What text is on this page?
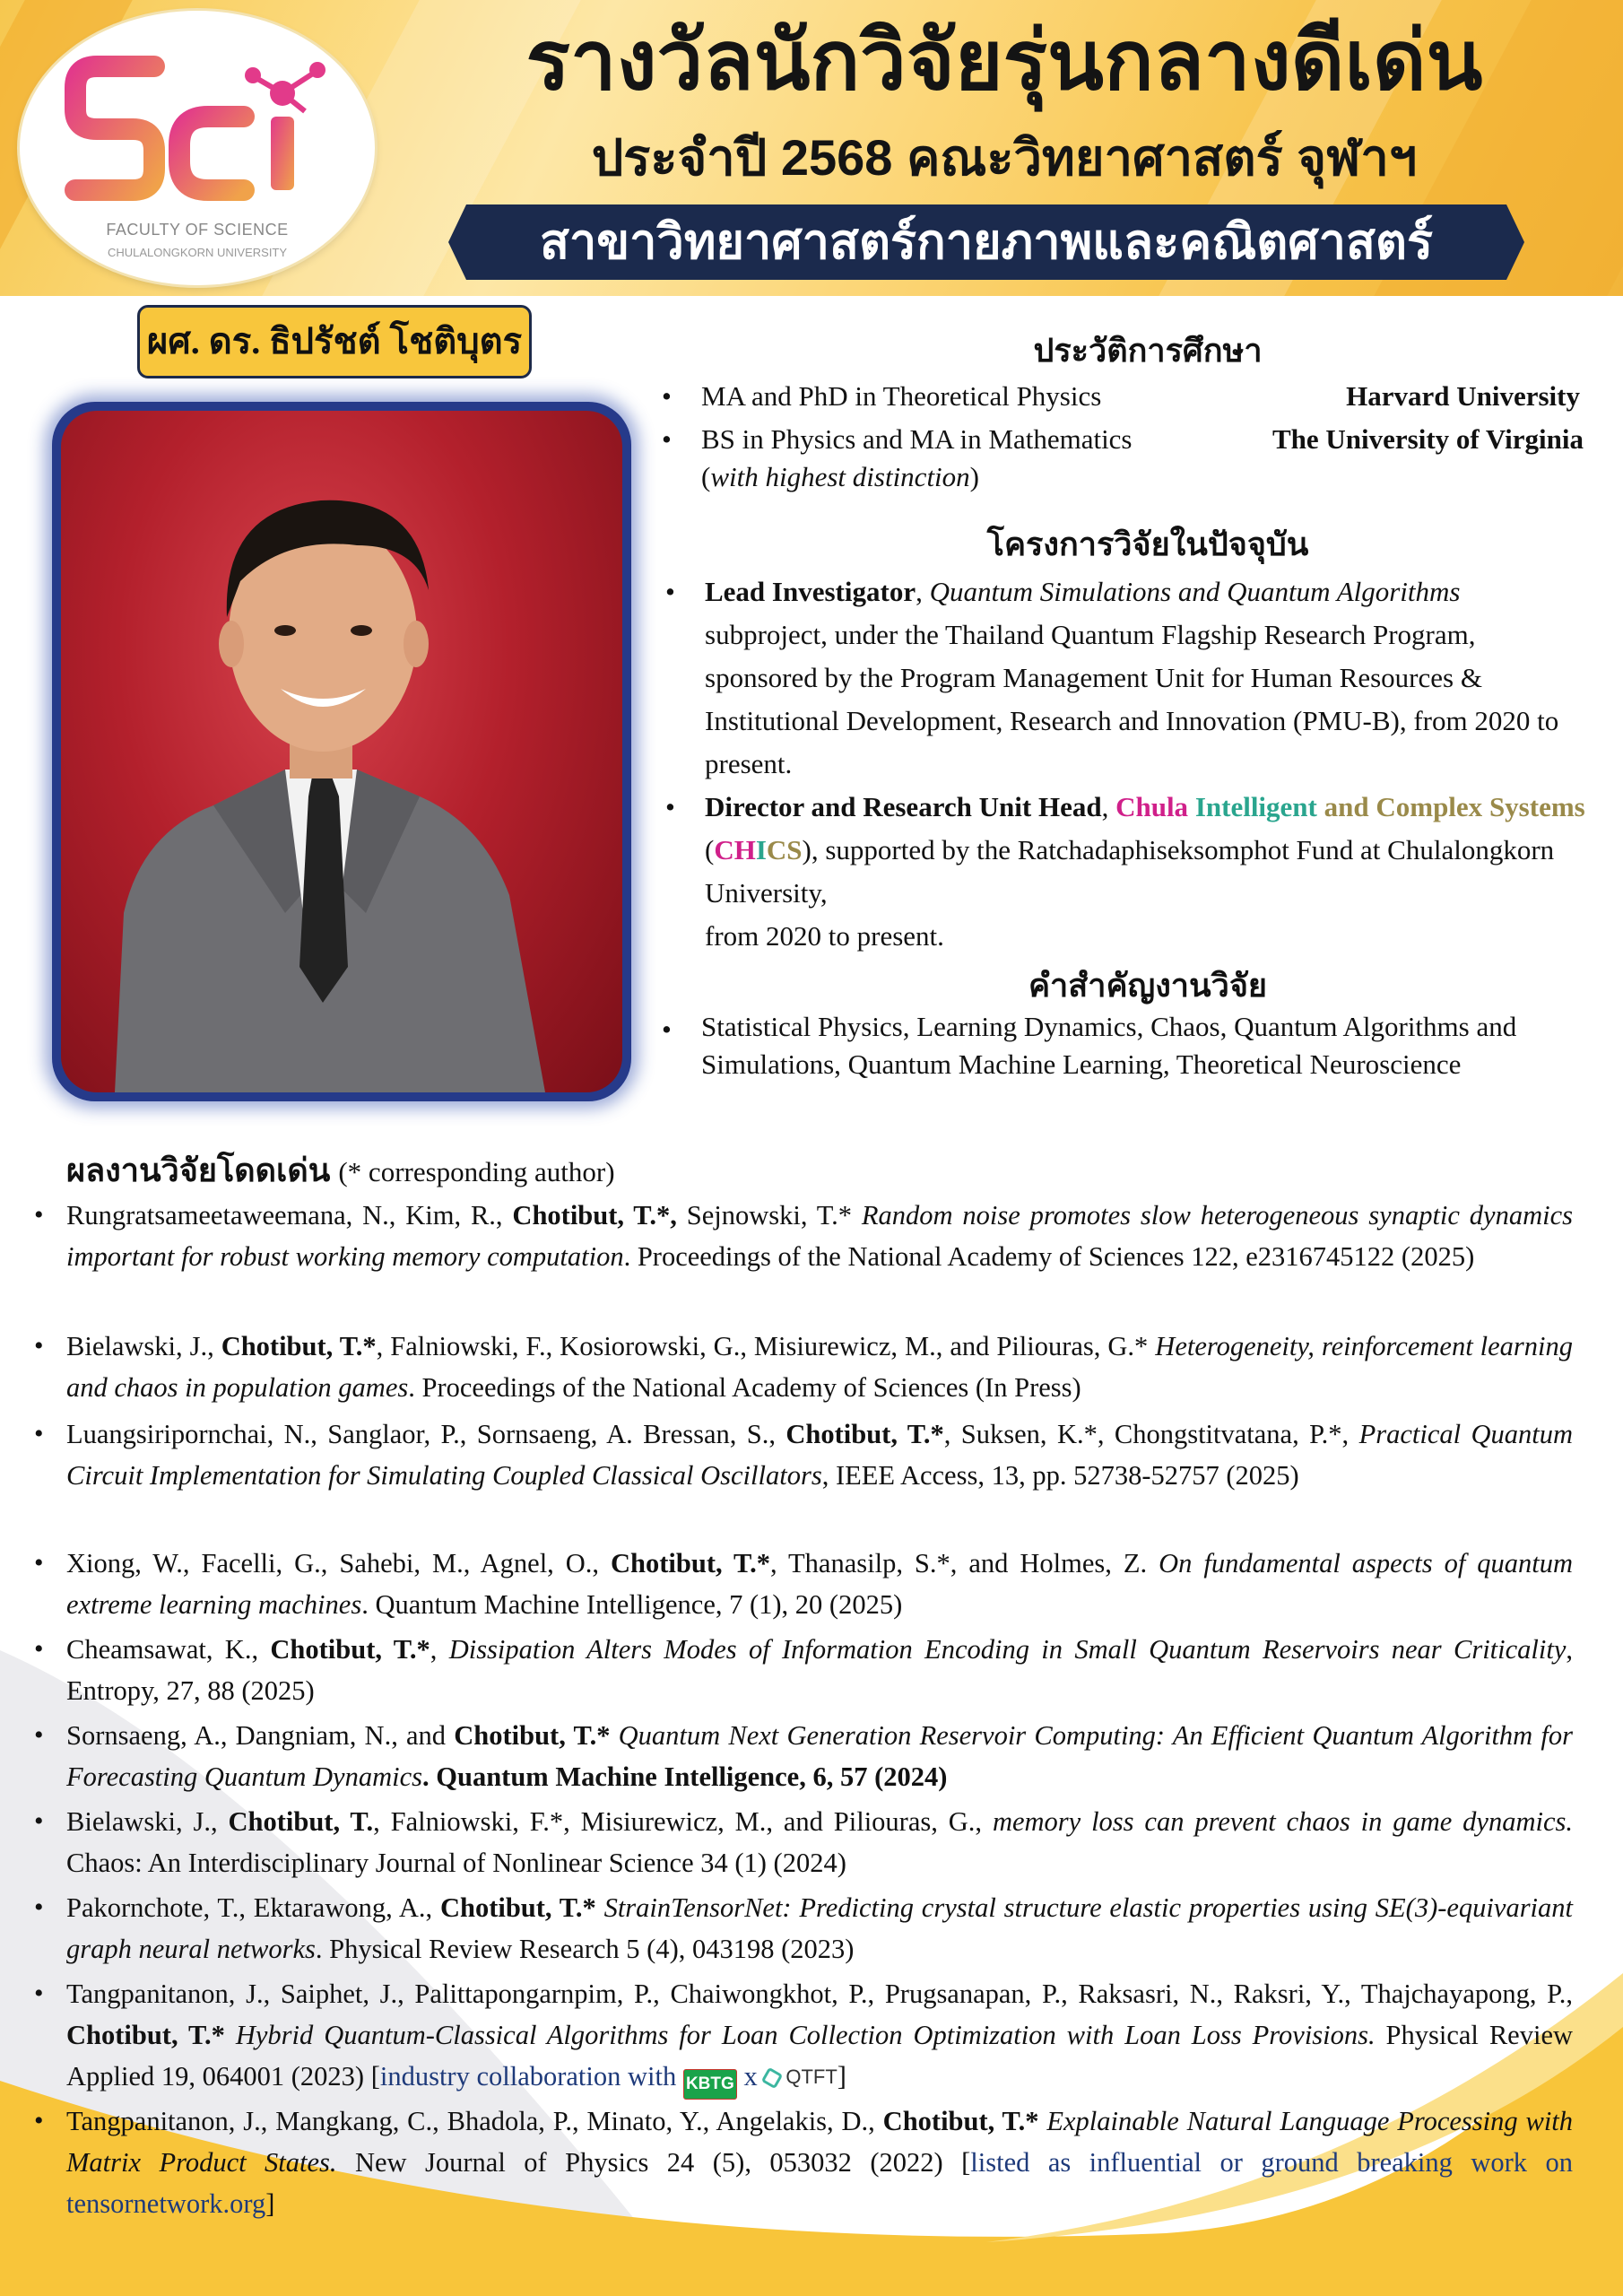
FACULTY OF SCIENCE
CHULALONGKORN UNIVERSITY
รางวัลนักวิจัยรุ่นกลางดีเด่น
ประจำปี 2568 คณะวิทยาศาสตร์ จุฬาฯ
สาขาวิทยาศาสตร์กายภาพและคณิตศาสตร์
ผศ. ดร. ธิปรัชต์ โชติบุตร	ประวัติการศึกษา
• MA and PhD in Theoretical Physics	Harvard University
• BS in Physics and MA in Mathematics	The University of Virginia
(with highest distinction)
โครงการวิจัยในปัจจุบัน
• Lead Investigator, Quantum Simulations and Quantum Algorithms subproject, under the Thailand Quantum Flagship Research Program, sponsored by the Program Management Unit for Human Resources & Institutional Development, Research and Innovation (PMU-B), from 2020 to present.
• Director and Research Unit Head, Chula Intelligent and Complex Systems (CHICS), supported by the Ratchadaphiseksomphot Fund at Chulalongkorn University,
from 2020 to present.
คำสำคัญงานวิจัย
• Statistical Physics, Learning Dynamics, Chaos, Quantum Algorithms and Simulations, Quantum Machine Learning, Theoretical Neuroscience
ผลงานวิจัยโดดเด่น (* corresponding author)
• Rungratsameetaweemana, N., Kim, R., Chotibut, T.*, Sejnowski, T.* Random noise promotes slow heterogeneous synaptic dynamics important for robust working memory computation. Proceedings of the National Academy of Sciences 122, e2316745122 (2025)
• Bielawski, J., Chotibut, T.*, Falniowski, F., Kosiorowski, G., Misiurewicz, M., and Piliouras, G.* Heterogeneity, reinforcement learning and chaos in population games. Proceedings of the National Academy of Sciences (In Press)
• Luangsiripornchai, N., Sanglaor, P., Sornsaeng, A. Bressan, S., Chotibut, T.*, Suksen, K.*, Chongstitvatana, P.*, Practical Quantum Circuit Implementation for Simulating Coupled Classical Oscillators, IEEE Access, 13, pp. 52738-52757 (2025)
• Xiong, W., Facelli, G., Sahebi, M., Agnel, O., Chotibut, T.*, Thanasilp, S.*, and Holmes, Z. On fundamental aspects of quantum extreme learning machines. Quantum Machine Intelligence, 7 (1), 20 (2025)
• Cheamsawat, K., Chotibut, T.*, Dissipation Alters Modes of Information Encoding in Small Quantum Reservoirs near Criticality, Entropy, 27, 88 (2025)
• Sornsaeng, A., Dangniam, N., and Chotibut, T.* Quantum Next Generation Reservoir Computing: An Efficient Quantum Algorithm for Forecasting Quantum Dynamics. Quantum Machine Intelligence, 6, 57 (2024)
• Bielawski, J., Chotibut, T., Falniowski, F.*, Misiurewicz, M., and Piliouras, G., memory loss can prevent chaos in game dynamics. Chaos: An Interdisciplinary Journal of Nonlinear Science 34 (1) (2024)
• Pakornchote, T., Ektarawong, A., Chotibut, T.* StrainTensorNet: Predicting crystal structure elastic properties using SE(3)-equivariant graph neural networks. Physical Review Research 5 (4), 043198 (2023)
• Tangpanitanon, J., Saiphet, J., Palittapongarnpim, P., Chaiwongkhot, P., Prugsanapan, P., Raksasri, N., Raksri, Y., Thajchayapong, P., Chotibut, T.* Hybrid Quantum-Classical Algorithms for Loan Collection Optimization with Loan Loss Provisions. Physical Review Applied 19, 064001 (2023) [industry collaboration with KBTG x QTFT]
• Tangpanitanon, J., Mangkang, C., Bhadola, P., Minato, Y., Angelakis, D., Chotibut, T.* Explainable Natural Language Processing with Matrix Product States. New Journal of Physics 24 (5), 053032 (2022) [listed as influential or ground breaking work on tensornetwork.org]
